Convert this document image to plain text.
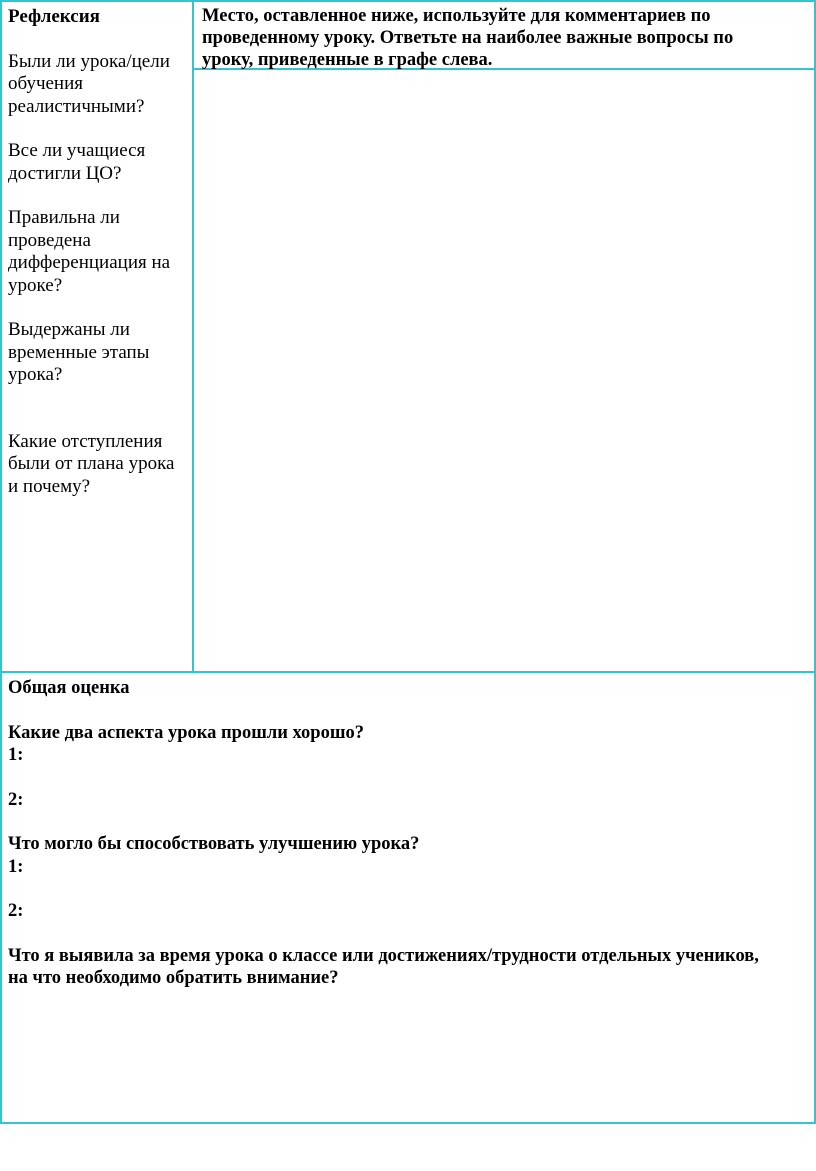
Рефлексия

Были ли урока/цели

обучения

реалистичными?

Все ли учащиеся

достигли ЦО?

Правильна ли

проведена

дифференциация на

уроке?

Выдержаны ли

временные этапы

урока?

Какие отступления

были от плана урока

и почему?

Место, оставленное ниже, используйте для комментариев по
проведенному уроку. Ответьте на наиболее важные вопросы по
уроку, приведенные в графе слева.

Общая оценка

Какие два аспекта урока прошли хорошо?

1:

2:

Что могло бы способствовать улучшению урока?

1:

2:

Что я выявила за время урока о классе или достижениях/трудности отдельных учеников,

на что необходимо обратить внимание?
